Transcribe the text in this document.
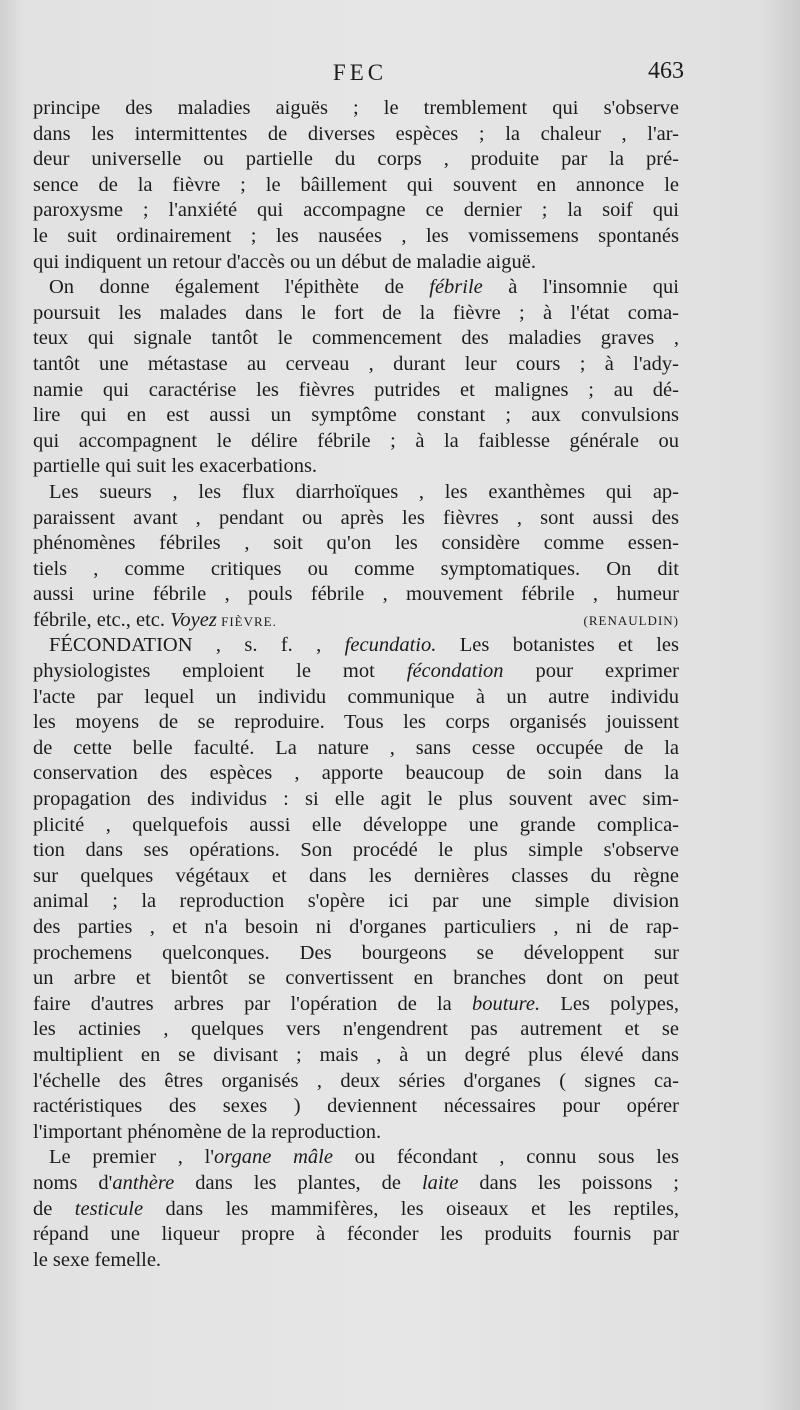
FEC	463
principe des maladies aiguës ; le tremblement qui s'observe
dans les intermittentes de diverses espèces ; la chaleur , l'ar-
deur universelle ou partielle du corps , produite par la pré-
sence de la fièvre ; le bâillement qui souvent en annonce le
paroxysme ; l'anxiété qui accompagne ce dernier ; la soif qui
le suit ordinairement ; les nausées , les vomissemens spontanés
qui indiquent un retour d'accès ou un début de maladie aiguë.
On donne également l'épithète de fébrile à l'insomnie qui
poursuit les malades dans le fort de la fièvre ; à l'état coma-
teux qui signale tantôt le commencement des maladies graves ,
tantôt une métastase au cerveau , durant leur cours ; à l'ady-
namie qui caractérise les fièvres putrides et malignes ; au dé-
lire qui en est aussi un symptôme constant ; aux convulsions
qui accompagnent le délire fébrile ; à la faiblesse générale ou
partielle qui suit les exacerbations.
Les sueurs , les flux diarrhoïques , les exanthèmes qui ap-
paraissent avant , pendant ou après les fièvres , sont aussi des
phénomènes fébriles , soit qu'on les considère comme essen-
tiels , comme critiques ou comme symptomatiques. On dit
aussi urine fébrile , pouls fébrile , mouvement fébrile , humeur
fébrile, etc., etc. Voyez FIÈVRE.	(RENAULDIN)
FÉCONDATION , s. f. , fecundatio. Les botanistes et les
physiologistes emploient le mot fécondation pour exprimer
l'acte par lequel un individu communique à un autre individu
les moyens de se reproduire. Tous les corps organisés jouissent
de cette belle faculté. La nature , sans cesse occupée de la
conservation des espèces , apporte beaucoup de soin dans la
propagation des individus : si elle agit le plus souvent avec sim-
plicité , quelquefois aussi elle développe une grande complica-
tion dans ses opérations. Son procédé le plus simple s'observe
sur quelques végétaux et dans les dernières classes du règne
animal ; la reproduction s'opère ici par une simple division
des parties , et n'a besoin ni d'organes particuliers , ni de rap-
prochemens quelconques. Des bourgeons se développent sur
un arbre et bientôt se convertissent en branches dont on peut
faire d'autres arbres par l'opération de la bouture. Les polypes,
les actinies , quelques vers n'engendrent pas autrement et se
multiplient en se divisant ; mais , à un degré plus élevé dans
l'échelle des êtres organisés , deux séries d'organes ( signes ca-
ractéristiques des sexes ) deviennent nécessaires pour opérer
l'important phénomène de la reproduction.
Le premier , l'organe mâle ou fécondant , connu sous les
noms d'anthère dans les plantes, de laite dans les poissons ;
de testicule dans les mammifères, les oiseaux et les reptiles,
répand une liqueur propre à féconder les produits fournis par
le sexe femelle.
